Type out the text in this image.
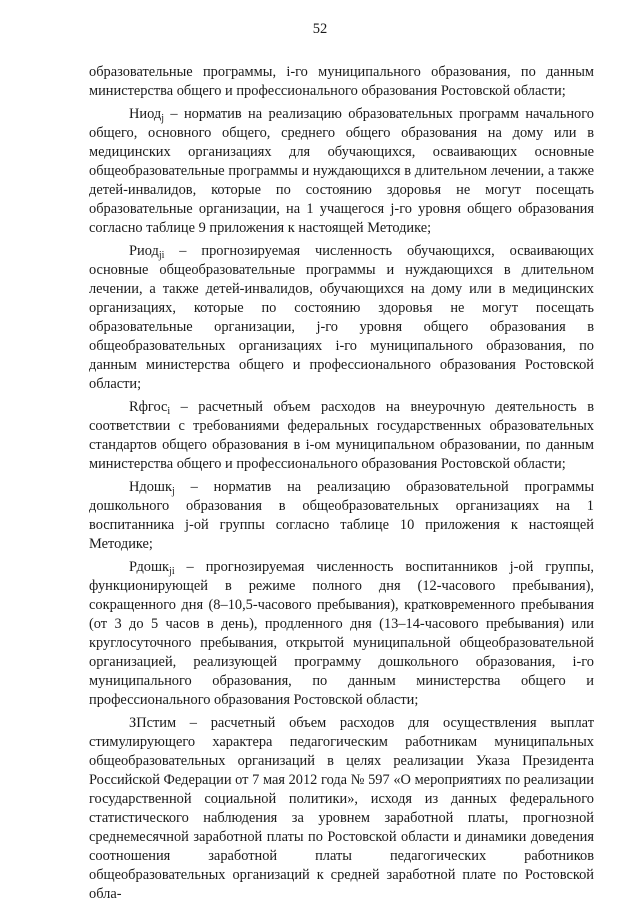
52

образовательные программы, i-го муниципального образования, по данным министерства общего и профессионального образования Ростовской области;

Ниод$_j$ – норматив на реализацию образовательных программ начального общего, основного общего, среднего общего образования на дому или в медицинских организациях для обучающихся, осваивающих основные общеобразовательные программы и нуждающихся в длительном лечении, а также детей-инвалидов, которые по состоянию здоровья не могут посещать образовательные организации, на 1 учащегося j-го уровня общего образования согласно таблице 9 приложения к настоящей Методике;

Риод$_{ji}$ – прогнозируемая численность обучающихся, осваивающих основные общеобразовательные программы и нуждающихся в длительном лечении, а также детей-инвалидов, обучающихся на дому или в медицинских организациях, которые по состоянию здоровья не могут посещать образовательные организации, j-го уровня общего образования в общеобразовательных организациях i-го муниципального образования, по данным министерства общего и профессионального образования Ростовской области;

Rфгос$_i$ – расчетный объем расходов на внеурочную деятельность в соответствии с требованиями федеральных государственных образовательных стандартов общего образования в i-ом муниципальном образовании, по данным министерства общего и профессионального образования Ростовской области;

Ндошк$_j$ – норматив на реализацию образовательной программы дошкольного образования в общеобразовательных организациях на 1 воспитанника j-ой группы согласно таблице 10 приложения к настоящей Методике;

Рдошк$_{ji}$ – прогнозируемая численность воспитанников j-ой группы, функционирующей в режиме полного дня (12-часового пребывания), сокращенного дня (8–10,5-часового пребывания), кратковременного пребывания (от 3 до 5 часов в день), продленного дня (13–14-часового пребывания) или круглосуточного пребывания, открытой муниципальной общеобразовательной организацией, реализующей программу дошкольного образования, i-го муниципального образования, по данным министерства общего и профессионального образования Ростовской области;

ЗПстим – расчетный объем расходов для осуществления выплат стимулирующего характера педагогическим работникам муниципальных общеобразовательных организаций в целях реализации Указа Президента Российской Федерации от 7 мая 2012 года № 597 «О мероприятиях по реализации государственной социальной политики», исходя из данных федерального статистического наблюдения за уровнем заработной платы, прогнозной среднемесячной заработной платы по Ростовской области и динамики доведения соотношения заработной платы педагогических работников общеобразовательных организаций к средней заработной плате по Ростовской обла-
